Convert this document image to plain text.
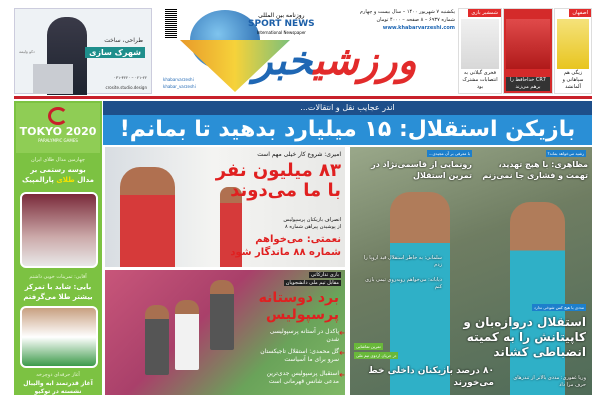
دکو ولیمه
طراحی، ساخت
شهرک سازی
۰۳۱-۳۲۲۰ – ۰۲۱-۲۲
crosite.studio.design
khabarvarzeshi
khabar_varzeshi
روزنامه بین المللی
SPORT NEWS
International Newspaper
ورزشیخبر
یکشنبه ۷ شهریور ۱۴۰۰ – سال بیست و چهارم
شماره ۶۹۳۷ – ۸ صفحه – ۴۰۰۰ تومان
www.khabarvarzeshi.com
شمشیر بازی
فخری گیلانی به انتصابات مشترک بود
CR7 خداحافظ را برهم می‌زند
اصفهان
زیگی هم سپاهانی و آلمانشد
TOKYO 2020
PARALYMPIC GAMES
چهارمین مدال طلای ایران
بوسه رستمی بر
مدال طلای پارالمپیک
آقایی: تمرینات خوبی داشتم
بایی: شاید با تمرکز بیشتر طلا می‌گرفتم
آغاز حرفه‌ای دوچرخه
آغاز قدرتمند ابه والیبال نشسته در توکیو
اندر عجایب نقل و انتقالات...
بازیکن استقلال: ۱۵ میلیارد بدهید تا بمانم!
امیری: شروع کار خیلی مهم است
۸۳ میلیون نفر
با ما می‌دوند
انصراف بازیکنان پرسپولیس
از پوشیدن پیراهن شماره ۸
نعمتی: می‌خواهم
شماره ۸۸ ماندگار شود
بازی تدارکاتی
مقابل تیم ملی دانشجویان
برد دوستانه
پرسپولیس
پاکدل در آستانه پرسپولیسی شدن ➜
گل محمدی: استقلال تاجیکستان سرو برای ما آسیاست ➜
استقبال پرسپولیس جدی‌ترین مدعی شانس قهرمانی است ➜
رشید می‌خواهد بماند؟
مظاهری: با هیچ تهدید، تهمت و فشاری جا نمی‌زنم
با معرفی بر آن مجیدی...
رونمایی از قاسمی‌نژاد در تمرین استقلال
سلمانی: به خاطر استقلال قید اروپا را زدم
دیاباته: می‌خواهم روبه‌روی تیمی بازی کنم
مددی با هیچ کس شوخی ندارد
استقلال دروازه‌بان و کاپیتانش را به کمیته انضباطی کشاند
تمرین تماشایی
در جریان اردوی تیم ملی
۸۰ درصد بازیکنان داخلی خط می‌خورند	وریا غفوری: مددی بالاتر از تندرهای حرف مرا داد
